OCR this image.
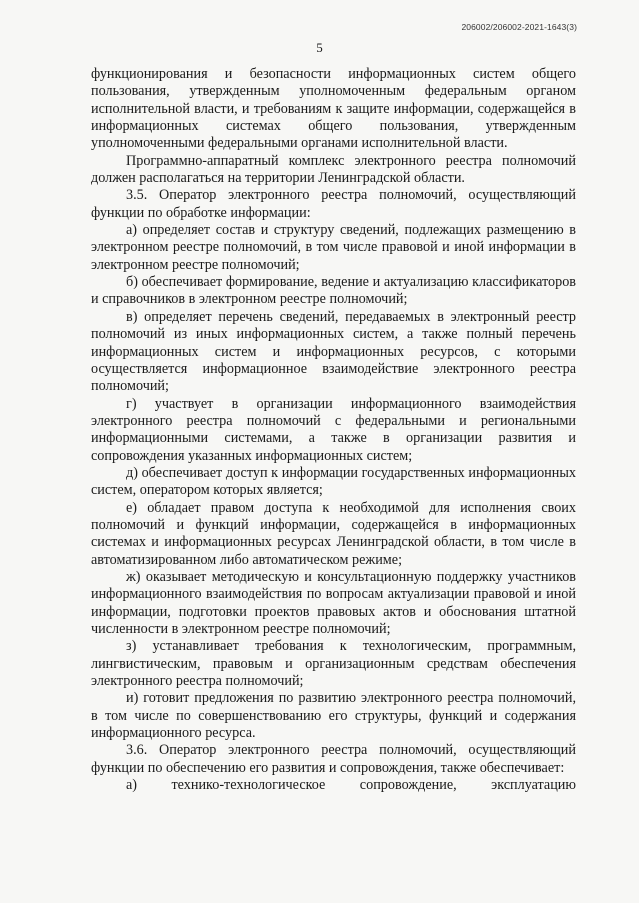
206002/206002-2021-1643(3)
5

функционирования и безопасности информационных систем общего пользования, утвержденным уполномоченным федеральным органом исполнительной власти, и требованиям к защите информации, содержащейся в информационных системах общего пользования, утвержденным уполномоченными федеральными органами исполнительной власти.

Программно-аппаратный комплекс электронного реестра полномочий должен располагаться на территории Ленинградской области.

3.5. Оператор электронного реестра полномочий, осуществляющий функции по обработке информации:

а) определяет состав и структуру сведений, подлежащих размещению в электронном реестре полномочий, в том числе правовой и иной информации в электронном реестре полномочий;

б) обеспечивает формирование, ведение и актуализацию классификаторов и справочников в электронном реестре полномочий;

в) определяет перечень сведений, передаваемых в электронный реестр полномочий из иных информационных систем, а также полный перечень информационных систем и информационных ресурсов, с которыми осуществляется информационное взаимодействие электронного реестра полномочий;

г) участвует в организации информационного взаимодействия электронного реестра полномочий с федеральными и региональными информационными системами, а также в организации развития и сопровождения указанных информационных систем;

д) обеспечивает доступ к информации государственных информационных систем, оператором которых является;

е) обладает правом доступа к необходимой для исполнения своих полномочий и функций информации, содержащейся в информационных системах и информационных ресурсах Ленинградской области, в том числе в автоматизированном либо автоматическом режиме;

ж) оказывает методическую и консультационную поддержку участников информационного взаимодействия по вопросам актуализации правовой и иной информации, подготовки проектов правовых актов и обоснования штатной численности в электронном реестре полномочий;

з) устанавливает требования к технологическим, программным, лингвистическим, правовым и организационным средствам обеспечения электронного реестра полномочий;

и) готовит предложения по развитию электронного реестра полномочий, в том числе по совершенствованию его структуры, функций и содержания информационного ресурса.

3.6. Оператор электронного реестра полномочий, осуществляющий функции по обеспечению его развития и сопровождения, также обеспечивает:

а) технико-технологическое сопровождение, эксплуатацию
